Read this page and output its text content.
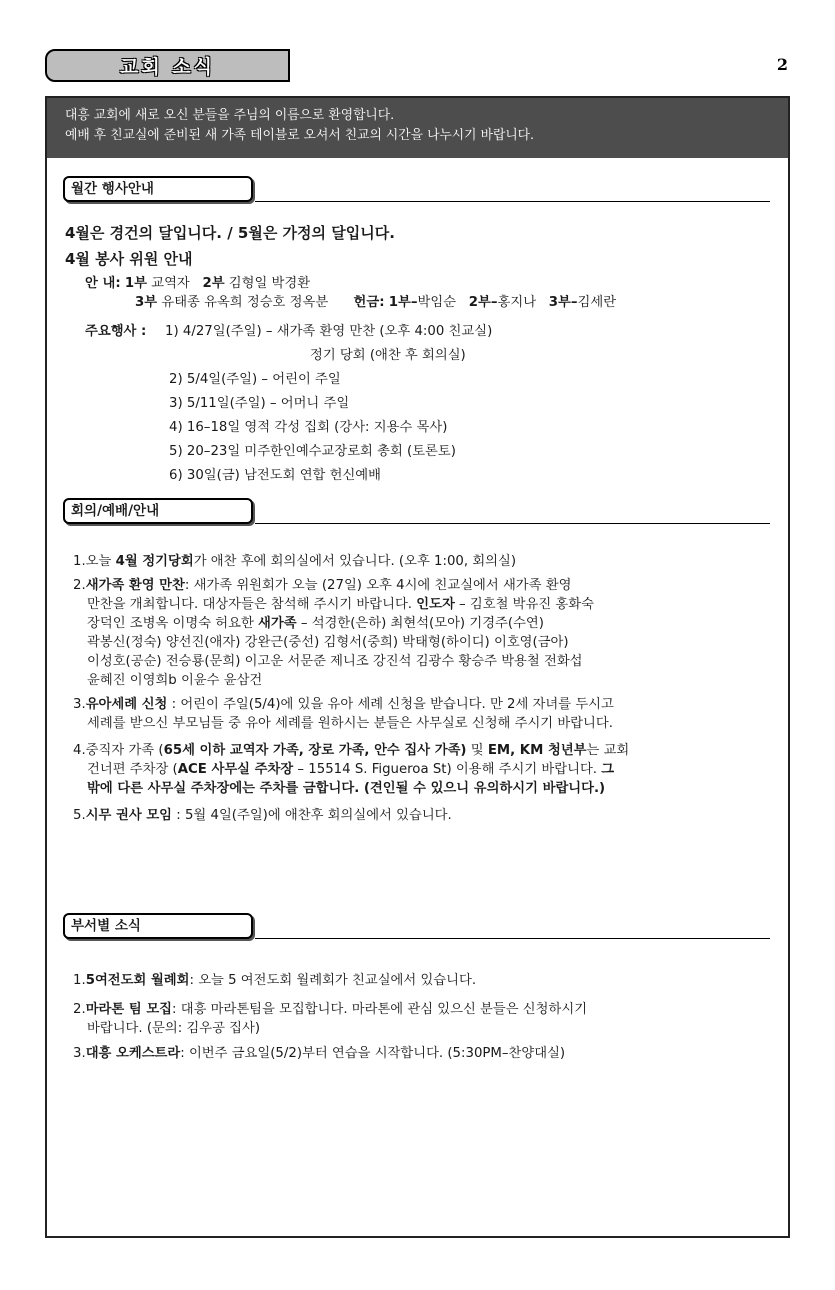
교회 소식	2
대흥 교회에 새로 오신 분들을 주님의 이름으로 환영합니다.
예배 후 친교실에 준비된 새 가족 테이블로 오셔서 친교의 시간을 나누시기 바랍니다.
월간 행사안내
4월은 경건의 달입니다. / 5월은 가정의 달입니다.
4월 봉사 위원 안내
안 내: 1부 교역자 2부 김형일 박경환
3부 유태종 유옥희 정승호 정옥분 헌금: 1부–박임순 2부–홍지나 3부–김세란
주요행사 : 1) 4/27일(주일) – 새가족 환영 만찬 (오후 4:00 친교실)
정기 당회 (애찬 후 회의실)
2) 5/4일(주일) – 어린이 주일
3) 5/11일(주일) – 어머니 주일
4) 16–18일 영적 각성 집회 (강사: 지용수 목사)
5) 20–23일 미주한인예수교장로회 총회 (토론토)
6) 30일(금) 남전도회 연합 헌신예배
회의/예배/안내

1.오늘 4월 정기당회가 애찬 후에 회의실에서 있습니다. (오후 1:00, 회의실)

2.새가족 환영 만찬: 새가족 위원회가 오늘 (27일) 오후 4시에 친교실에서 새가족 환영

만찬을 개최합니다. 대상자들은 참석해 주시기 바랍니다. 인도자 – 김호철 박유진 홍화숙

장덕인 조병옥 이명숙 허요한 새가족 – 석경한(은하) 최현석(모아) 기경주(수연)

곽봉신(정숙) 양선진(애자) 강완근(중선) 김형서(중희) 박태형(하이디) 이호영(금아)

이성호(공순) 전승룡(문희) 이고운 서문준 제니조 강진석 김광수 황승주 박용철 전화섭

윤혜진 이영희b 이윤수 윤삼건

3.유아세례 신청 : 어린이 주일(5/4)에 있을 유아 세례 신청을 받습니다. 만 2세 자녀를 두시고

세례를 받으신 부모님들 중 유아 세례를 원하시는 분들은 사무실로 신청해 주시기 바랍니다.

4.중직자 가족 (65세 이하 교역자 가족, 장로 가족, 안수 집사 가족) 및 EM, KM 청년부는 교회

건너편 주차장 (ACE 사무실 주차장 – 15514 S. Figueroa St) 이용해 주시기 바랍니다. 그

밖에 다른 사무실 주차장에는 주차를 금합니다. (견인될 수 있으니 유의하시기 바랍니다.)

5.시무 권사 모임 : 5월 4일(주일)에 애찬후 회의실에서 있습니다.

부서별 소식

1.5여전도회 월례회: 오늘 5 여전도회 월례회가 친교실에서 있습니다.

2.마라톤 팀 모집: 대흥 마라톤팀을 모집합니다. 마라톤에 관심 있으신 분들은 신청하시기

바랍니다. (문의: 김우공 집사)

3.대흥 오케스트라: 이번주 금요일(5/2)부터 연습을 시작합니다. (5:30PM–찬양대실)
